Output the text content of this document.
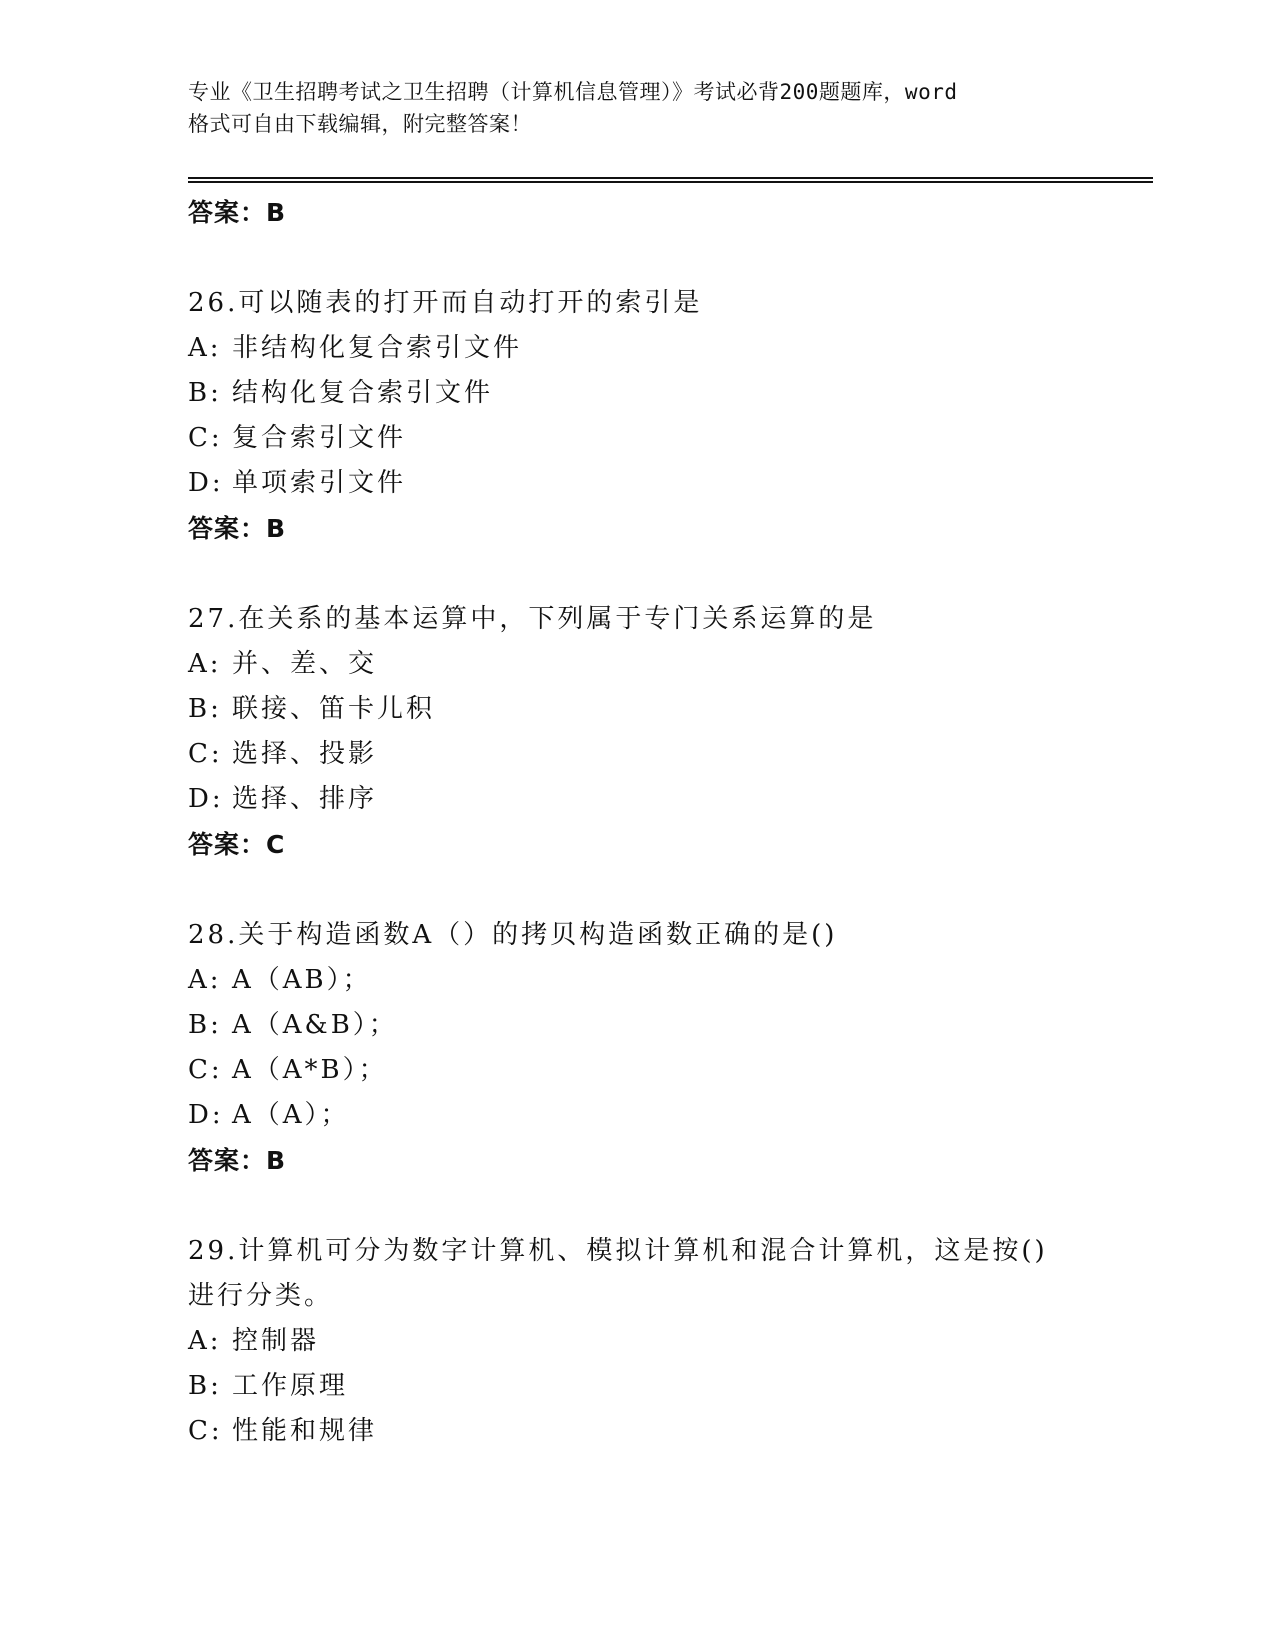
专业《卫生招聘考试之卫生招聘（计算机信息管理）》考试必背200题题库，word
格式可自由下载编辑，附完整答案！
答案：B
26.可以随表的打开而自动打开的索引是
A: 非结构化复合索引文件
B: 结构化复合索引文件
C: 复合索引文件
D: 单项索引文件
答案：B
27.在关系的基本运算中，下列属于专门关系运算的是
A: 并、差、交
B: 联接、笛卡儿积
C: 选择、投影
D: 选择、排序
答案：C
28.关于构造函数A（）的拷贝构造函数正确的是()
A: A（AB）；
B: A（A&B）；
C: A（A*B）；
D: A（A）；
答案：B
29.计算机可分为数字计算机、模拟计算机和混合计算机，这是按()进行分类。
A: 控制器
B: 工作原理
C: 性能和规律
